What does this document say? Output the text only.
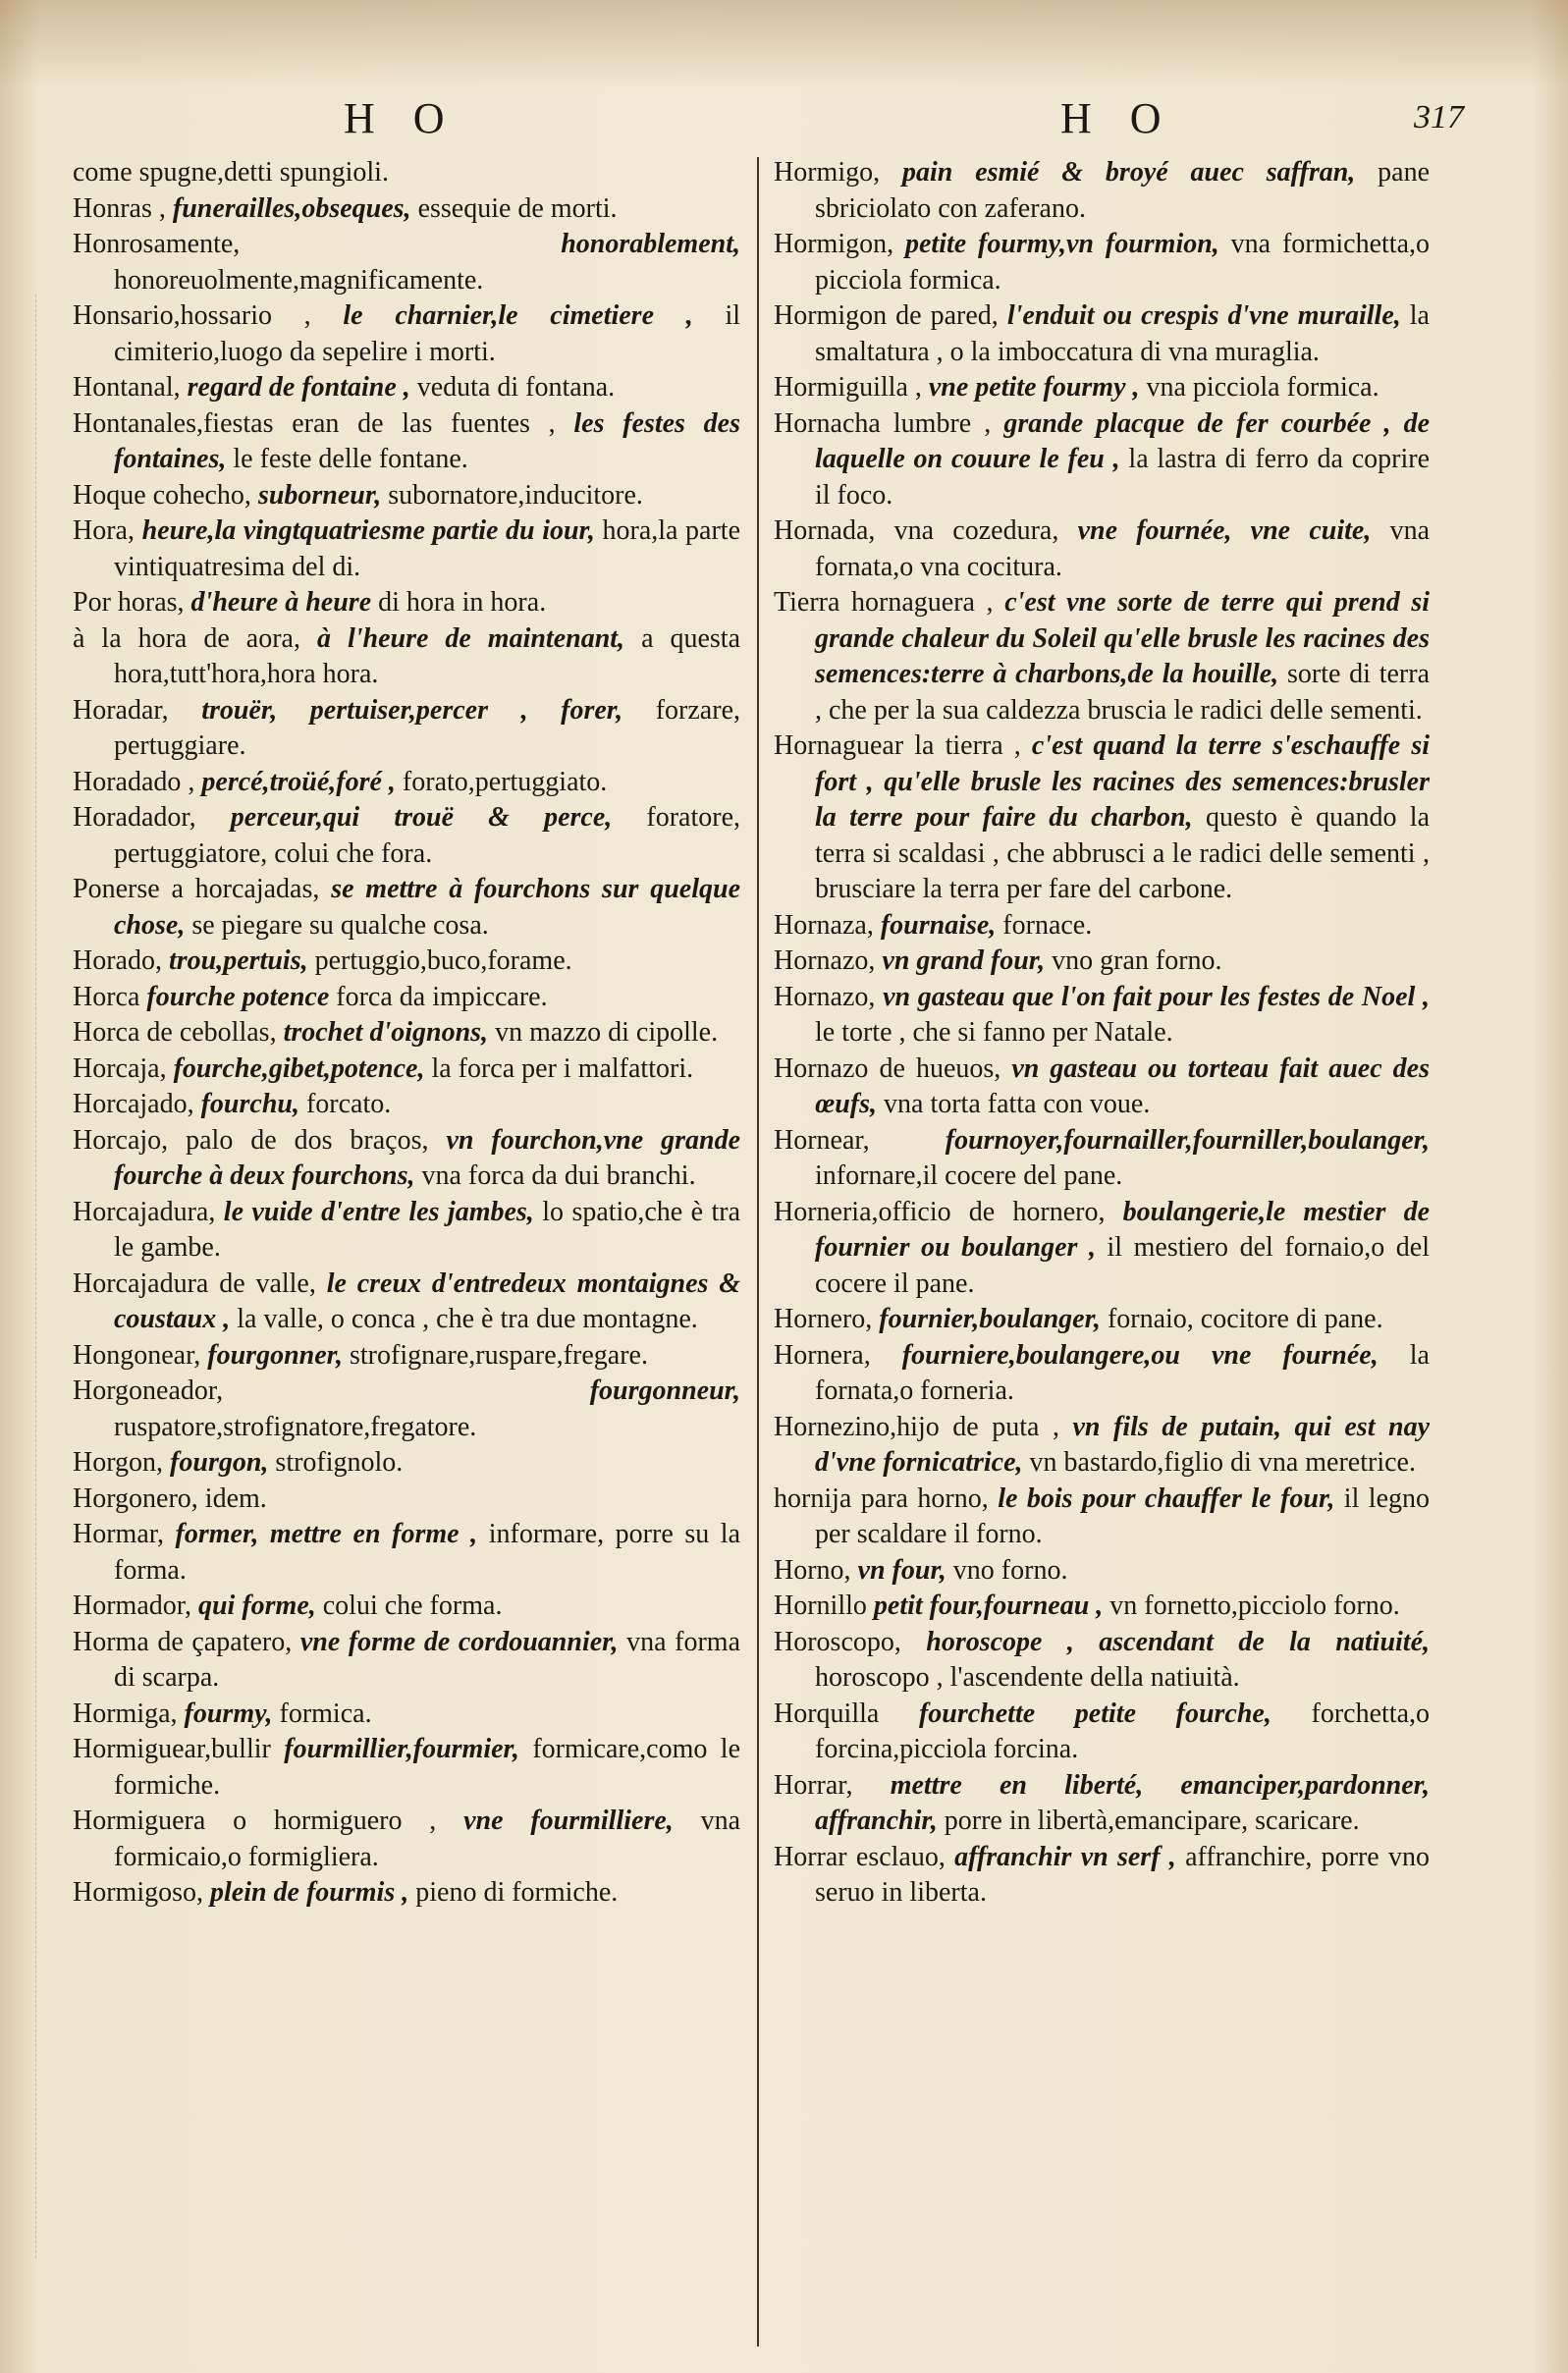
H O	H O	317

come spugne,detti spungioli.

Honras , funerailles,obseques, essequie de morti.

Honrosamente,	honorablement, honoreuolmente,magnificamente.

Honsario,hossario , le charnier,le cimetiere , il cimiterio,luogo da sepelire i morti.

Hontanal, regard de fontaine , veduta di fontana.

Hontanales,fiestas eran de las fuentes , les festes des fontaines, le feste delle fontane.

Hoque cohecho, suborneur, subornatore,inducitore.

Hora, heure,la vingtquatriesme partie du iour, hora,la parte vintiquatresima del di.

Por horas, d'heure à heure di hora in hora.

à la hora de aora, à l'heure de maintenant, a questa hora,tutt'hora,hora hora.

Horadar, trouër, pertuiser,percer , forer, forzare, pertuggiare.

Horadado , percé,troüé,foré , forato,pertuggiato.

Horadador, perceur,qui trouë & perce, foratore, pertuggiatore, colui che fora.

Ponerse a horcajadas, se mettre à fourchons sur quelque chose, se piegare su qualche cosa.

Horado, trou,pertuis, pertuggio,buco,forame.

Horca fourche potence forca da impiccare.

Horca de cebollas, trochet d'oignons, vn mazzo di cipolle.

Horcaja, fourche,gibet,potence, la forca per i malfattori.

Horcajado, fourchu, forcato.

Horcajo, palo de dos braços, vn fourchon,vne grande fourche à deux fourchons, vna forca da dui branchi.

Horcajadura, le vuide d'entre les jambes, lo spatio,che è tra le gambe.

Horcajadura de valle, le creux d'entredeux montaignes & coustaux , la valle, o conca , che è tra due montagne.

Hongonear, fourgonner, strofignare,ruspare,fregare.

Horgoneador,	fourgonneur, ruspatore,strofignatore,fregatore.

Horgon, fourgon, strofignolo.

Horgonero, idem.

Hormar, former, mettre en forme , informare, porre su la forma.

Hormador, qui forme, colui che forma.

Horma de çapatero, vne forme de cordouannier, vna forma di scarpa.

Hormiga, fourmy, formica.

Hormiguear,bullir fourmillier,fourmier, formicare,como le formiche.

Hormiguera o hormiguero , vne fourmilliere, vna formicaio,o formigliera.

Hormigoso, plein de fourmis , pieno di formiche.

Hormigo, pain esmié & broyé auec saffran, pane sbriciolato con zaferano.

Hormigon, petite fourmy,vn fourmion, vna formichetta,o picciola formica.

Hormigon de pared, l'enduit ou crespis d'vne muraille, la smaltatura , o la imboccatura di vna muraglia.

Hormiguilla , vne petite fourmy , vna picciola formica.

Hornacha lumbre , grande placque de fer courbée , de laquelle on couure le feu , la lastra di ferro da coprire il foco.

Hornada, vna cozedura, vne fournée, vne cuite, vna fornata,o vna cocitura.

Tierra hornaguera , c'est vne sorte de terre qui prend si grande chaleur du Soleil qu'elle brusle les racines des semences:terre à charbons,de la houille, sorte di terra , che per la sua caldezza bruscia le radici delle sementi.

Hornaguear la tierra , c'est quand la terre s'eschauffe si fort , qu'elle brusle les racines des semences:brusler la terre pour faire du charbon, questo è quando la terra si scaldasi , che abbrusci a le radici delle sementi , brusciare la terra per fare del carbone.

Hornaza, fournaise, fornace.

Hornazo, vn grand four, vno gran forno.

Hornazo, vn gasteau que l'on fait pour les festes de Noel , le torte , che si fanno per Natale.

Hornazo de hueuos, vn gasteau ou torteau fait auec des œufs, vna torta fatta con voue.

Hornear,	fournoyer,fournailler,fourniller,boulanger, infornare,il cocere del pane.

Horneria,officio de hornero, boulangerie,le mestier de fournier ou boulanger , il mestiero del fornaio,o del cocere il pane.

Hornero, fournier,boulanger, fornaio, cocitore di pane.

Hornera, fourniere,boulangere,ou vne fournée, la fornata,o forneria.

Hornezino,hijo de puta , vn fils de putain, qui est nay d'vne fornicatrice, vn bastardo,figlio di vna meretrice.

hornija para horno, le bois pour chauffer le four, il legno per scaldare il forno.

Horno, vn four, vno forno.

Hornillo petit four,fourneau , vn fornetto,picciolo forno.

Horoscopo, horoscope , ascendant de la natiuité, horoscopo , l'ascendente della natiuità.

Horquilla fourchette petite fourche, forchetta,o forcina,picciola forcina.

Horrar, mettre en liberté, emanciper,pardonner, affranchir, porre in libertà,emancipare, scaricare.

Horrar esclauo, affranchir vn serf , affranchire, porre vno seruo in liberta.
